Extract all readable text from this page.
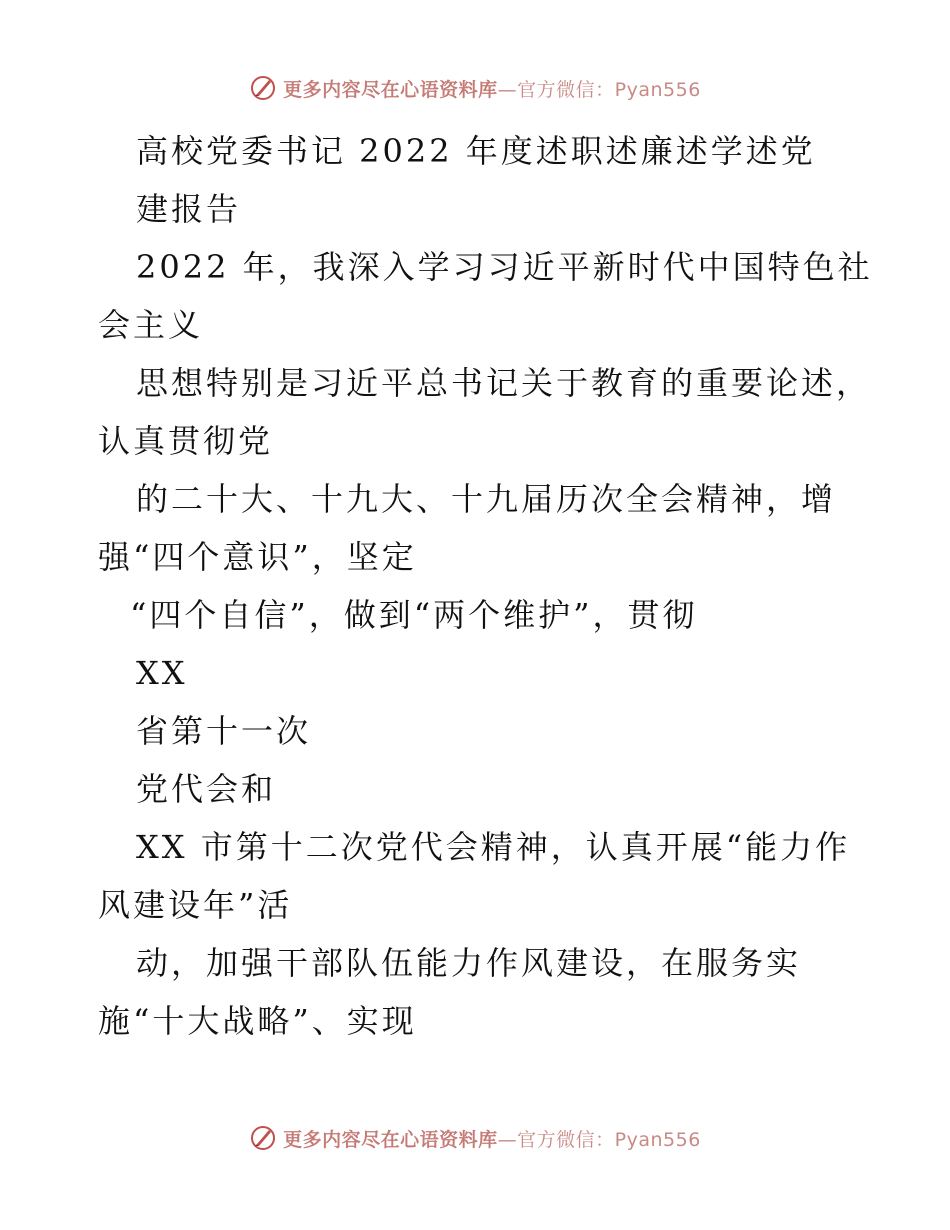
更多内容尽在心语资料库—官方微信：Pyan556
高校党委书记 2022 年度述职述廉述学述党
建报告
2022 年，我深入学习习近平新时代中国特色社
会主义
思想特别是习近平总书记关于教育的重要论述，
认真贯彻党
的二十大、十九大、十九届历次全会精神，增
强“四个意识”，坚定
“四个自信”，做到“两个维护”，贯彻
XX
省第十一次
党代会和
XX 市第十二次党代会精神，认真开展“能力作
风建设年”活
动，加强干部队伍能力作风建设，在服务实
施“十大战略”、实现
更多内容尽在心语资料库—官方微信：Pyan556
